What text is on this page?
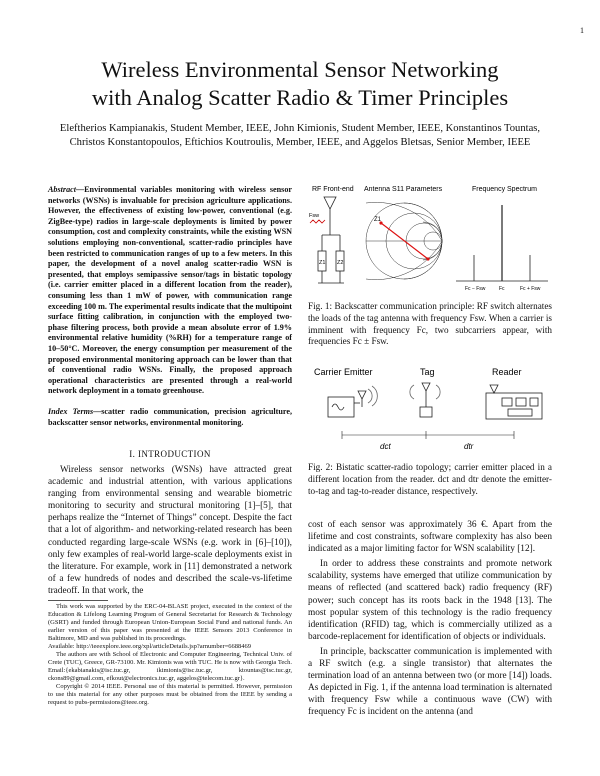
1
Wireless Environmental Sensor Networking
with Analog Scatter Radio & Timer Principles
Eleftherios Kampianakis, Student Member, IEEE, John Kimionis, Student Member, IEEE, Konstantinos Tountas,
Christos Konstantopoulos, Eftichios Koutroulis, Member, IEEE, and Aggelos Bletsas, Senior Member, IEEE
Abstract—Environmental variables monitoring with wireless sensor networks (WSNs) is invaluable for precision agriculture applications. However, the effectiveness of existing low-power, conventional (e.g. ZigBee-type) radios in large-scale deployments is limited by power consumption, cost and complexity constraints, while the existing WSN solutions employing non-conventional, scatter-radio principles have been restricted to communication ranges of up to a few meters. In this paper, the development of a novel analog scatter-radio WSN is presented, that employs semipassive sensor/tags in bistatic topology (i.e. carrier emitter placed in a different location from the reader), consuming less than 1 mW of power, with communication range exceeding 100 m. The experimental results indicate that the multipoint surface fitting calibration, in conjunction with the employed two-phase filtering process, both provide a mean absolute error of 1.9% environmental relative humidity (%RH) for a temperature range of 10–50°C. Moreover, the energy consumption per measurement of the proposed environmental monitoring approach can be lower than that of conventional radio WSNs. Finally, the proposed approach operational characteristics are presented through a real-world network deployment in a tomato greenhouse.
Index Terms—scatter radio communication, precision agriculture, backscatter sensor networks, environmental monitoring.
I. INTRODUCTION

Wireless sensor networks (WSNs) have attracted great academic and industrial attention, with various applications ranging from environmental sensing and wearable biometric monitoring to security and structural monitoring [1]–[5], that perhaps realize the “Internet of Things” concept. Despite the fact that a lot of algorithm- and networking-related research has been conducted regarding large-scale WSNs (e.g. work in [6]–[10]), only few examples of real-world large-scale deployments exist in the literature. For example, work in [11] demonstrated a network of a few hundreds of nodes and described the scale-vs-lifetime tradeoff. In that work, the

This work was supported by the ERC-04-BLASE project, executed in the context of the Education & Lifelong Learning Program of General Secretariat for Research & Technology (GSRT) and funded through European Union-European Social Fund and national funds. An earlier version of this paper was presented at the IEEE Sensors 2013 Conference in Baltimore, MD and was published in its proceedings.

Available: http://ieeexplore.ieee.org/xpl/articleDetails.jsp?arnumber=6688469

The authors are with School of Electronic and Computer Engineering, Technical Univ. of Crete (TUC), Greece, GR-73100. Mr. Kimionis was with TUC. He is now with Georgia Tech.

Email:{ekabianakis@isc.tuc.gr, ikimionis@isc.tuc.gr, ktountas@isc.tuc.gr, ckons89@gmail.com, efkout@electronics.tuc.gr, aggelos@telecom.tuc.gr}.

Copyright © 2014 IEEE. Personal use of this material is permitted. However, permission to use this material for any other purposes must be obtained from the IEEE by sending a request to pubs-permissions@ieee.org.

RF Front-end Antenna S11 Parameters	Frequency Spectrum
Fsw
Z1 Z2
Z1
Fc − Fsw	Fc	Fc + Fsw
Fig. 1: Backscatter communication principle: RF switch alternates the loads of the tag antenna with frequency Fsw. When a carrier is imminent with frequency Fc, two subcarriers appear, with frequencies Fc ± Fsw.
Carrier Emitter	Tag	Reader
dct	dtr
Fig. 2: Bistatic scatter-radio topology; carrier emitter placed in a different location from the reader. dct and dtr denote the emitter-to-tag and tag-to-reader distance, respectively.

cost of each sensor was approximately 36 €. Apart from the lifetime and cost constraints, software complexity has also been indicated as a major limiting factor for WSN scalability [12].

In order to address these constraints and promote network scalability, systems have emerged that utilize communication by means of reflected (and scattered back) radio frequency (RF) power; such concept has its roots back in the 1948 [13]. The most popular system of this technology is the radio frequency identification (RFID) tag, which is commercially utilized as a barcode-replacement for identification of objects or individuals.

In principle, backscatter communication is implemented with a RF switch (e.g. a single transistor) that alternates the termination load of an antenna between two (or more [14]) loads. As depicted in Fig. 1, if the antenna load termination is alternated with frequency Fsw while a continuous wave (CW) with frequency Fc is incident on the antenna (and
